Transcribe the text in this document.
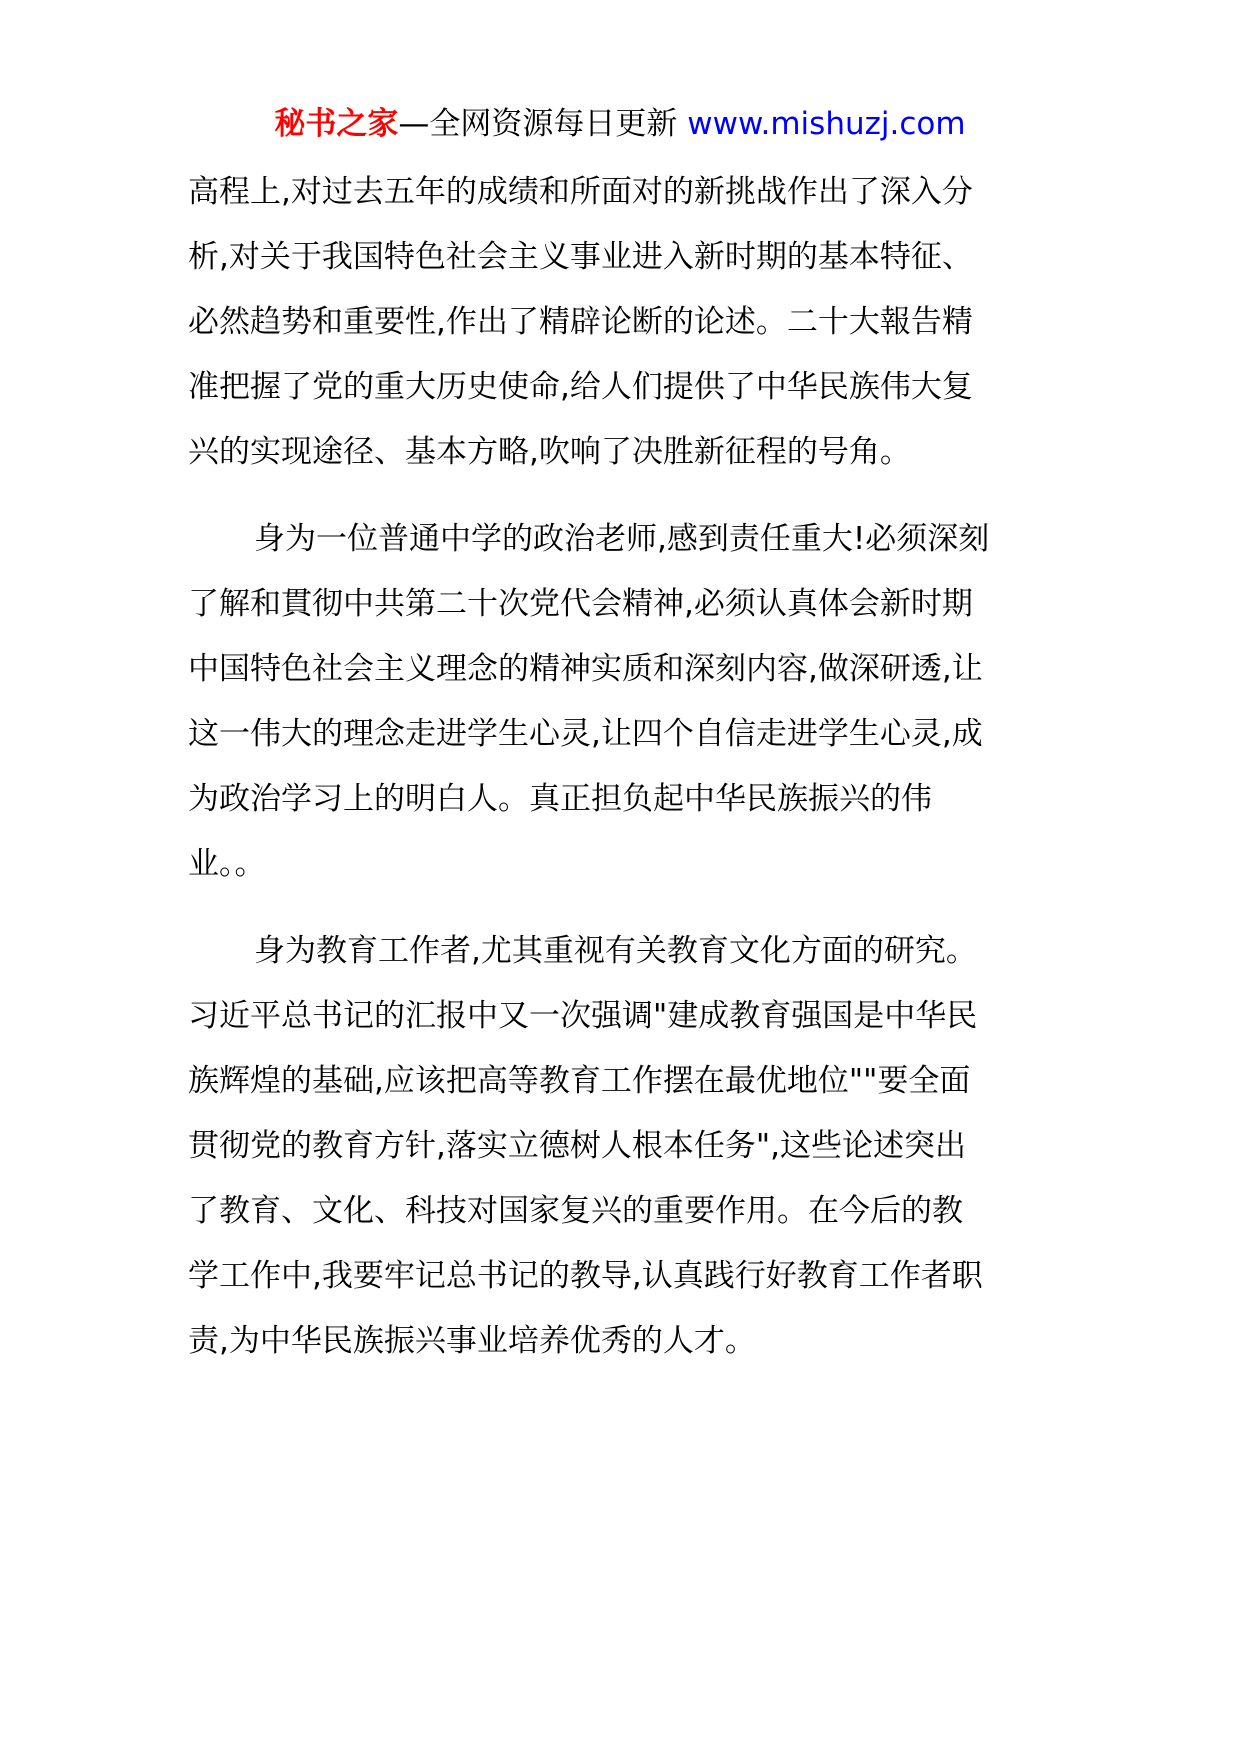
秘书之家—全网资源每日更新 www.mishuzj.com
高程上,对过去五年的成绩和所面对的新挑战作出了深入分
析,对关于我国特色社会主义事业进入新时期的基本特征、
必然趋势和重要性,作出了精辟论断的论述。二十大報告精
准把握了党的重大历史使命,给人们提供了中华民族伟大复
兴的实现途径、基本方略,吹响了决胜新征程的号角。
身为一位普通中学的政治老师,感到责任重大!必须深刻
了解和貫彻中共第二十次党代会精神,必须认真体会新时期
中国特色社会主义理念的精神实质和深刻内容,做深研透,让
这一伟大的理念走进学生心灵,让四个自信走进学生心灵,成
为政治学习上的明白人。真正担负起中华民族振兴的伟
业。。
身为教育工作者,尤其重视有关教育文化方面的研究。
习近平总书记的汇报中又一次强调"建成教育强国是中华民
族辉煌的基础,应该把高等教育工作摆在最优地位""要全面
贯彻党的教育方针,落实立德树人根本任务",这些论述突出
了教育、文化、科技对国家复兴的重要作用。在今后的教
学工作中,我要牢记总书记的教导,认真践行好教育工作者职
责,为中华民族振兴事业培养优秀的人才。
